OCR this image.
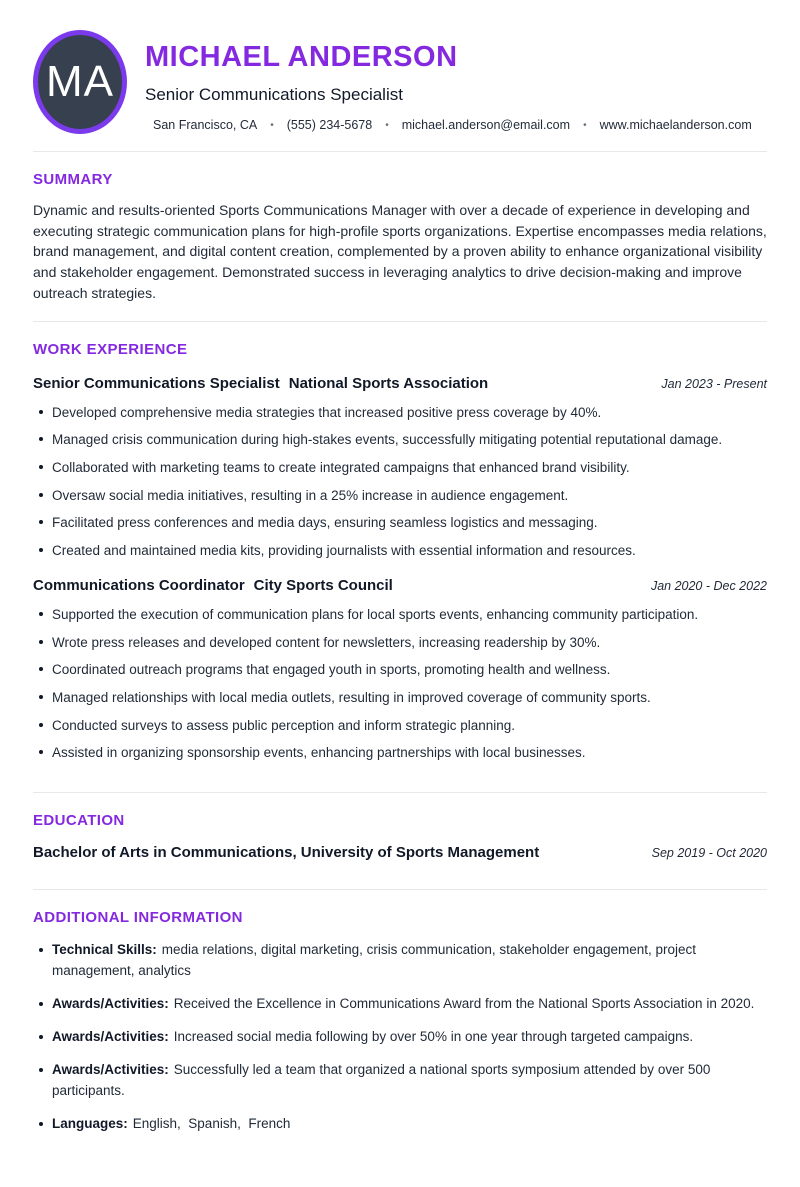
MA MICHAEL ANDERSON
Senior Communications Specialist
San Francisco, CA • (555) 234-5678 • michael.anderson@email.com • www.michaelanderson.com
SUMMARY

Dynamic and results-oriented Sports Communications Manager with over a decade of experience in developing and executing strategic communication plans for high-profile sports organizations. Expertise encompasses media relations, brand management, and digital content creation, complemented by a proven ability to enhance organizational visibility and stakeholder engagement. Demonstrated success in leveraging analytics to drive decision-making and improve outreach strategies.

WORK EXPERIENCE
Senior Communications Specialist National Sports Association	Jan 2023 - Present
Developed comprehensive media strategies that increased positive press coverage by 40%.
Managed crisis communication during high-stakes events, successfully mitigating potential reputational damage.
Collaborated with marketing teams to create integrated campaigns that enhanced brand visibility.
Oversaw social media initiatives, resulting in a 25% increase in audience engagement.
Facilitated press conferences and media days, ensuring seamless logistics and messaging.
Created and maintained media kits, providing journalists with essential information and resources.
Communications Coordinator City Sports Council	Jan 2020 - Dec 2022
Supported the execution of communication plans for local sports events, enhancing community participation.
Wrote press releases and developed content for newsletters, increasing readership by 30%.
Coordinated outreach programs that engaged youth in sports, promoting health and wellness.
Managed relationships with local media outlets, resulting in improved coverage of community sports.
Conducted surveys to assess public perception and inform strategic planning.
Assisted in organizing sponsorship events, enhancing partnerships with local businesses.
EDUCATION
Bachelor of Arts in Communications, University of Sports Management	Sep 2019 - Oct 2020
ADDITIONAL INFORMATION
Technical Skills: media relations, digital marketing, crisis communication, stakeholder engagement, project management, analytics
Awards/Activities: Received the Excellence in Communications Award from the National Sports Association in 2020.
Awards/Activities: Increased social media following by over 50% in one year through targeted campaigns.
Awards/Activities: Successfully led a team that organized a national sports symposium attended by over 500 participants.
Languages: English,  Spanish,  French
